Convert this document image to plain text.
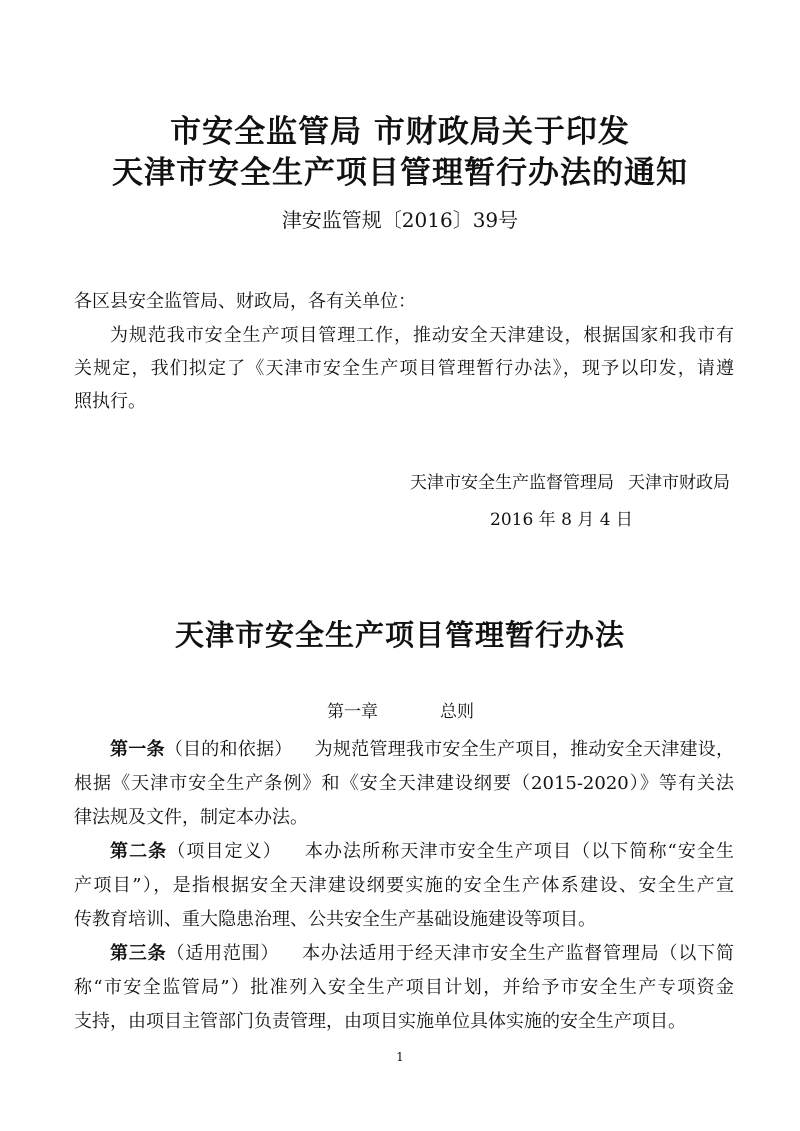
市安全监管局 市财政局关于印发
天津市安全生产项目管理暂行办法的通知
津安监管规〔2016〕39号
各区县安全监管局、财政局，各有关单位：
为规范我市安全生产项目管理工作，推动安全天津建设，根据国家和我市有
关规定，我们拟定了《天津市安全生产项目管理暂行办法》，现予以印发，请遵
照执行。
天津市安全生产监督管理局 天津市财政局
2016 年 8 月 4 日
天津市安全生产项目管理暂行办法
第一章	总则
第一条（目的和依据） 为规范管理我市安全生产项目，推动安全天津建设，
根据《天津市安全生产条例》和《安全天津建设纲要（2015-2020）》等有关法
律法规及文件，制定本办法。
第二条（项目定义） 本办法所称天津市安全生产项目（以下简称“安全生
产项目”），是指根据安全天津建设纲要实施的安全生产体系建设、安全生产宣
传教育培训、重大隐患治理、公共安全生产基础设施建设等项目。
第三条（适用范围） 本办法适用于经天津市安全生产监督管理局（以下简
称“市安全监管局”）批准列入安全生产项目计划，并给予市安全生产专项资金
支持，由项目主管部门负责管理，由项目实施单位具体实施的安全生产项目。
1
